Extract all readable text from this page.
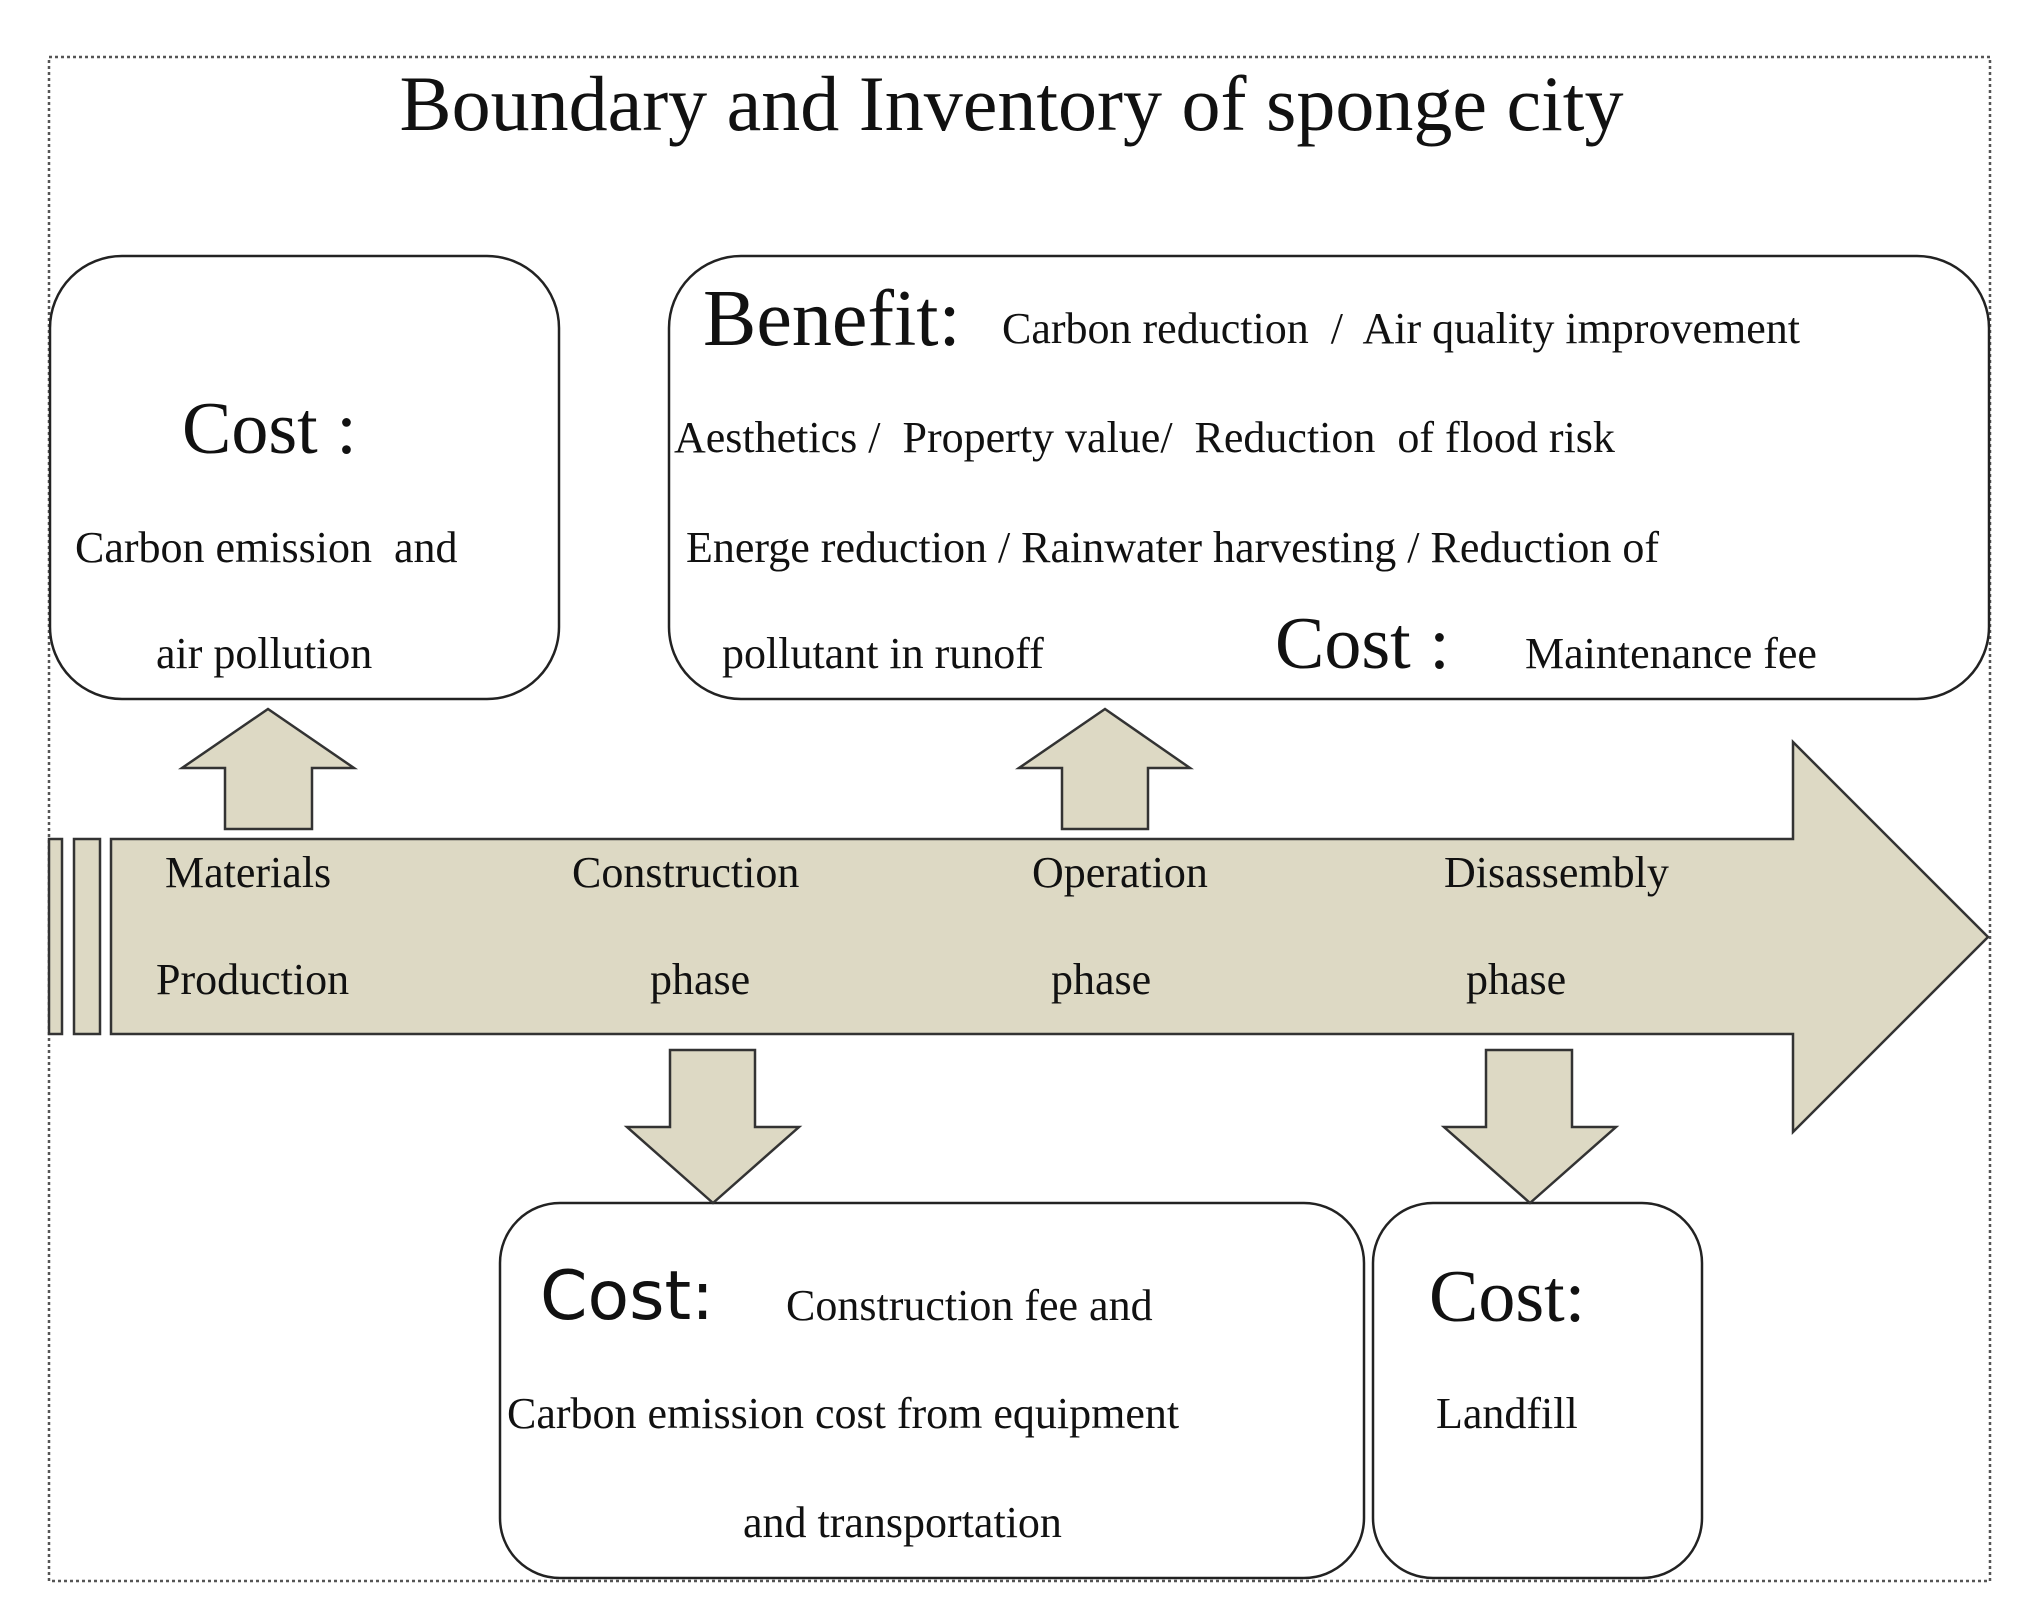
Boundary and Inventory of sponge city
Cost :
Carbon emission  and
air pollution
Benefit: Carbon reduction  /  Air quality improvement
Aesthetics /  Property value/  Reduction  of flood risk
Energe reduction / Rainwater harvesting / Reduction of
pollutant in runoff	Cost : Maintenance fee
Materials
Production
Construction
phase
Operation
phase
Disassembly
phase
Cost: Construction fee and
Carbon emission cost from equipment
and transportation
Cost:
Landfill
